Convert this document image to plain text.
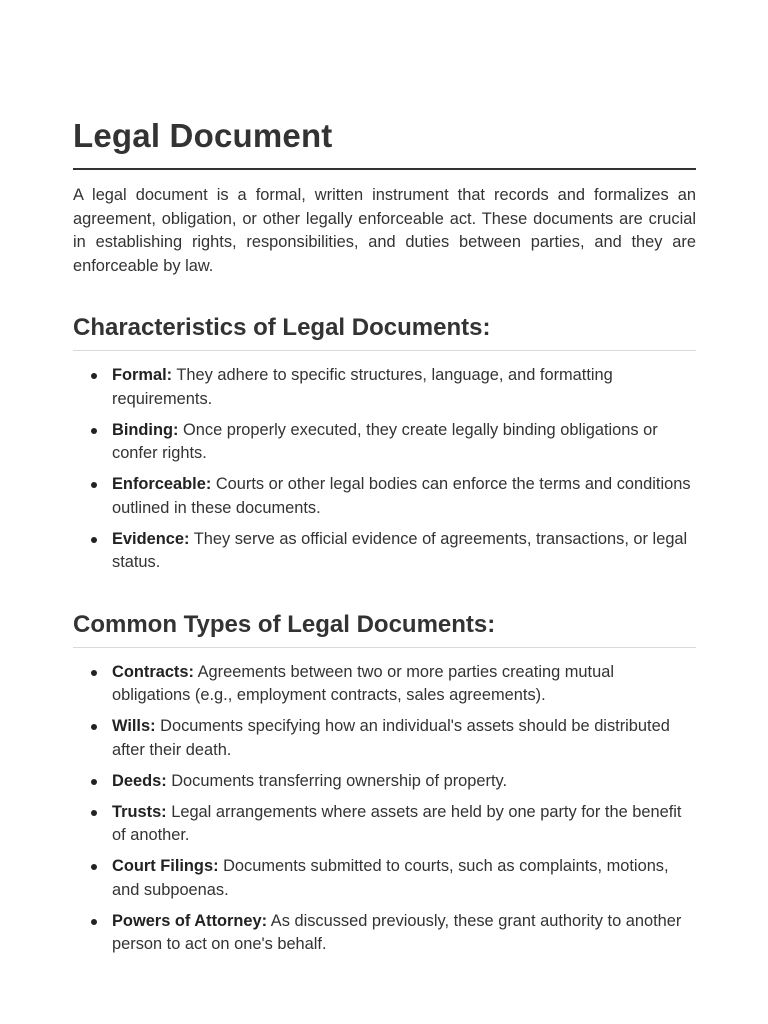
Legal Document

A legal document is a formal, written instrument that records and formalizes an agreement, obligation, or other legally enforceable act. These documents are crucial in establishing rights, responsibilities, and duties between parties, and they are enforceable by law.

Characteristics of Legal Documents:
Formal: They adhere to specific structures, language, and formatting requirements.
Binding: Once properly executed, they create legally binding obligations or confer rights.
Enforceable: Courts or other legal bodies can enforce the terms and conditions outlined in these documents.
Evidence: They serve as official evidence of agreements, transactions, or legal status.
Common Types of Legal Documents:
Contracts: Agreements between two or more parties creating mutual obligations (e.g., employment contracts, sales agreements).
Wills: Documents specifying how an individual's assets should be distributed after their death.
Deeds: Documents transferring ownership of property.
Trusts: Legal arrangements where assets are held by one party for the benefit of another.
Court Filings: Documents submitted to courts, such as complaints, motions, and subpoenas.
Powers of Attorney: As discussed previously, these grant authority to another person to act on one's behalf.
